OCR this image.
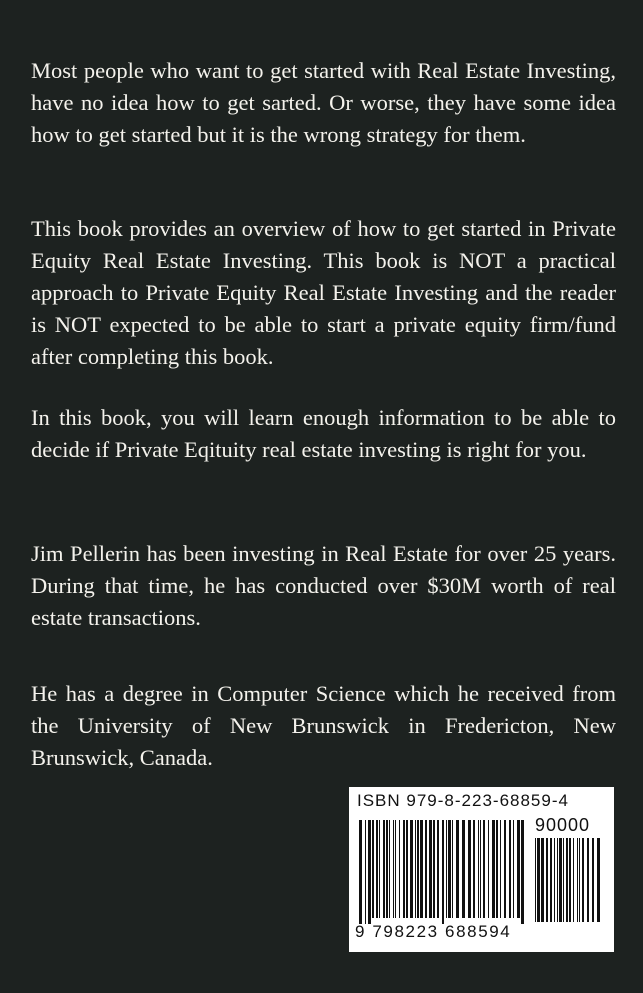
Most people who want to get started with Real Estate Investing, have no idea how to get sarted. Or worse, they have some idea how to get started but it is the wrong strategy for them.

This book provides an overview of how to get started in Private Equity Real Estate Investing. This book is NOT a practical approach to Private Equity Real Estate Investing and the reader is NOT expected to be able to start a private equity firm/fund after completing this book.

In this book, you will learn enough information to be able to decide if Private Eqituity real estate investing is right for you.

Jim Pellerin has been investing in Real Estate for over 25 years. During that time, he has conducted over $30M worth of real estate transactions.

He has a degree in Computer Science which he received from the University of New Brunswick in Fredericton, New Brunswick, Canada.

ISBN 979-8-223-68859-4
90000
9 798223 688594
